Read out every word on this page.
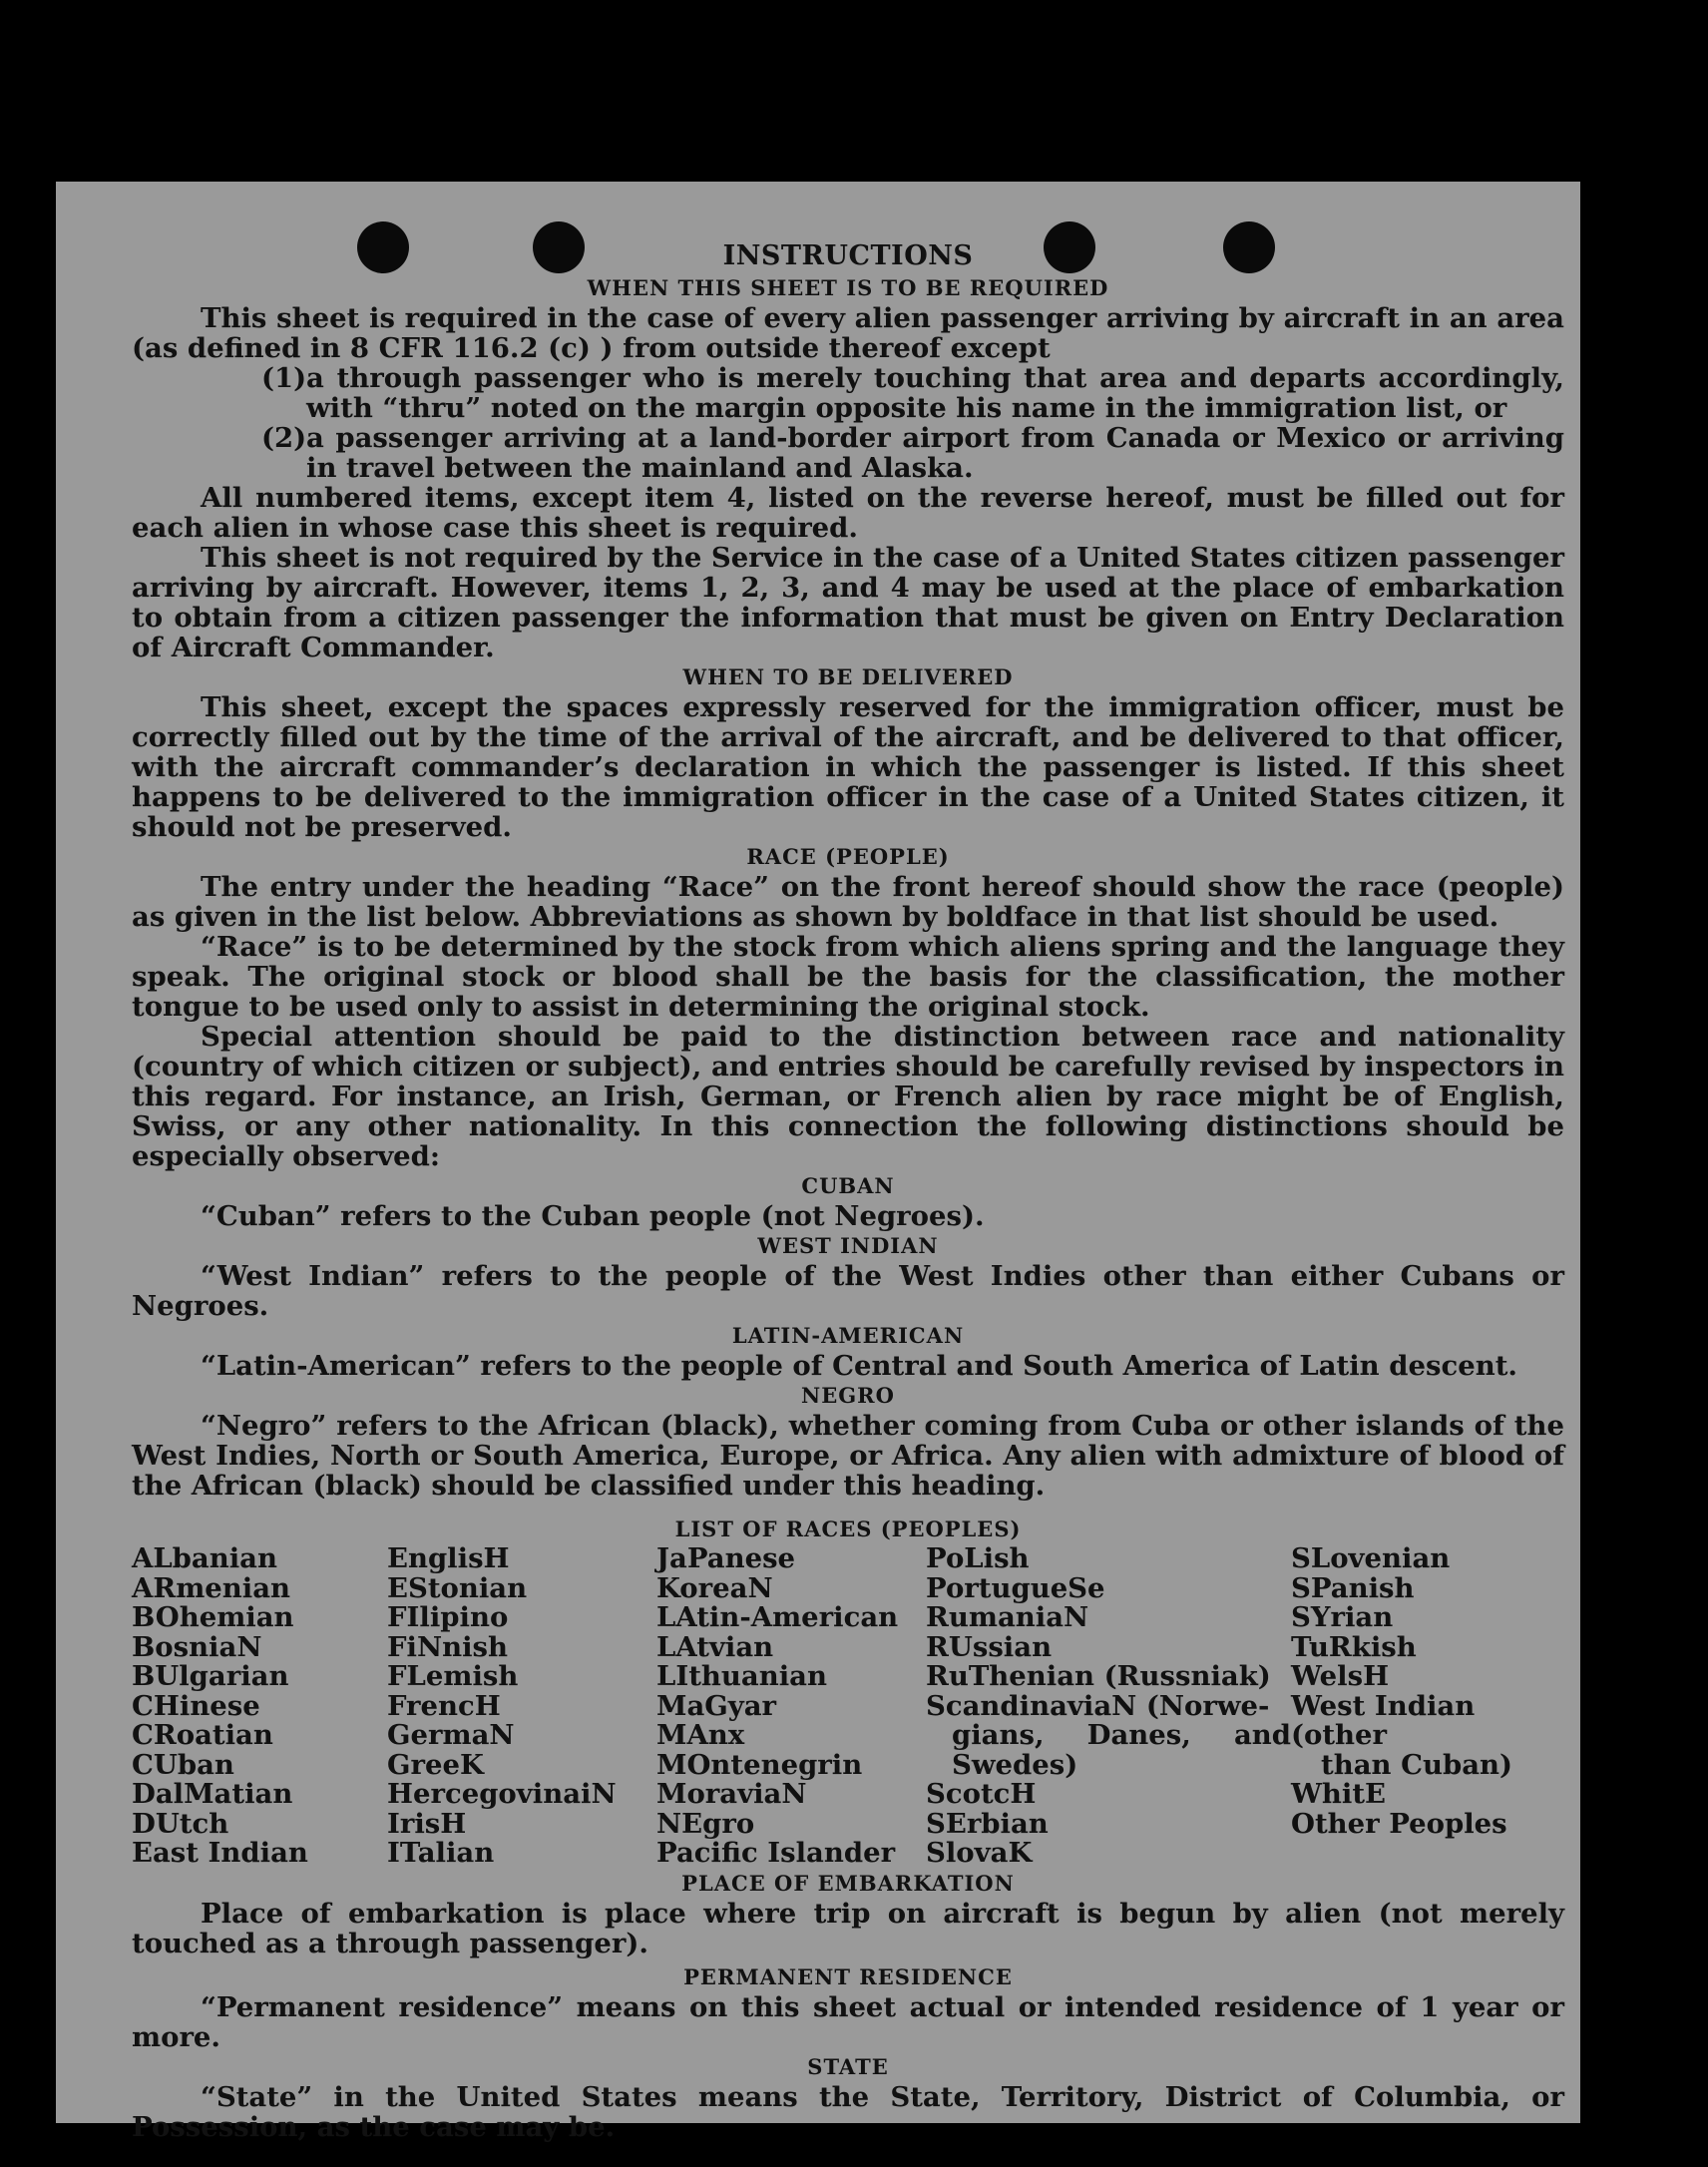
INSTRUCTIONS
WHEN THIS SHEET IS TO BE REQUIRED

This sheet is required in the case of every alien passenger arriving by aircraft in an area (as defined in 8 CFR 116.2 (c) ) from outside thereof except

(1)a through passenger who is merely touching that area and departs accordingly, with “thru” noted on the margin opposite his name in the immigration list, or
(2)a passenger arriving at a land-border airport from Canada or Mexico or arriving in travel between the mainland and Alaska.

All numbered items, except item 4, listed on the reverse hereof, must be filled out for each alien in whose case this sheet is required.

This sheet is not required by the Service in the case of a United States citizen passenger arriving by aircraft. However, items 1, 2, 3, and 4 may be used at the place of embarkation to obtain from a citizen passenger the information that must be given on Entry Declaration of Aircraft Commander.

WHEN TO BE DELIVERED

This sheet, except the spaces expressly reserved for the immigration officer, must be correctly filled out by the time of the arrival of the aircraft, and be delivered to that officer, with the aircraft commander’s declaration in which the passenger is listed. If this sheet happens to be delivered to the immigration officer in the case of a United States citizen, it should not be preserved.

RACE (PEOPLE)

The entry under the heading “Race” on the front hereof should show the race (people) as given in the list below. Abbreviations as shown by boldface in that list should be used.

“Race” is to be determined by the stock from which aliens spring and the language they speak. The original stock or blood shall be the basis for the classification, the mother tongue to be used only to assist in determining the original stock.

Special attention should be paid to the distinction between race and nationality (country of which citizen or subject), and entries should be carefully revised by inspectors in this regard. For instance, an Irish, German, or French alien by race might be of English, Swiss, or any other nationality. In this connection the following distinctions should be especially observed:

CUBAN

“Cuban” refers to the Cuban people (not Negroes).

WEST INDIAN

“West Indian” refers to the people of the West Indies other than either Cubans or Negroes.

LATIN-AMERICAN

“Latin-American” refers to the people of Central and South America of Latin descent.

NEGRO

“Negro” refers to the African (black), whether coming from Cuba or other islands of the West Indies, North or South America, Europe, or Africa. Any alien with admixture of blood of the African (black) should be classified under this heading.

LIST OF RACES (PEOPLES)
ALbanian
ARmenian
BOhemian
BosniaN
BUlgarian
CHinese
CRoatian
CUban
DalMatian
DUtch
East Indian
EnglisH
EStonian
FIlipino
FiNnish
FLemish
FrencH
GermaN
GreeK
HercegovinaiN
IrisH
ITalian
JaPanese
KoreaN
LAtin-American
LAtvian
LIthuanian
MaGyar
MAnx
MOntenegrin
MoraviaN
NEgro
Pacific Islander
PoLish
PortugueSe
RumaniaN
RUssian
RuThenian (Russniak)
ScandinaviaN (Norwe-
gians, Danes, and
Swedes)
ScotcH
SErbian
SlovaK
SLovenian
SPanish
SYrian
TuRkish
WelsH
West Indian (other
than Cuban)
WhitE
Other Peoples
PLACE OF EMBARKATION

Place of embarkation is place where trip on aircraft is begun by alien (not merely touched as a through passenger).

PERMANENT RESIDENCE

“Permanent residence” means on this sheet actual or intended residence of 1 year or more.

STATE

“State” in the United States means the State, Territory, District of Columbia, or Possession, as the case may be.
